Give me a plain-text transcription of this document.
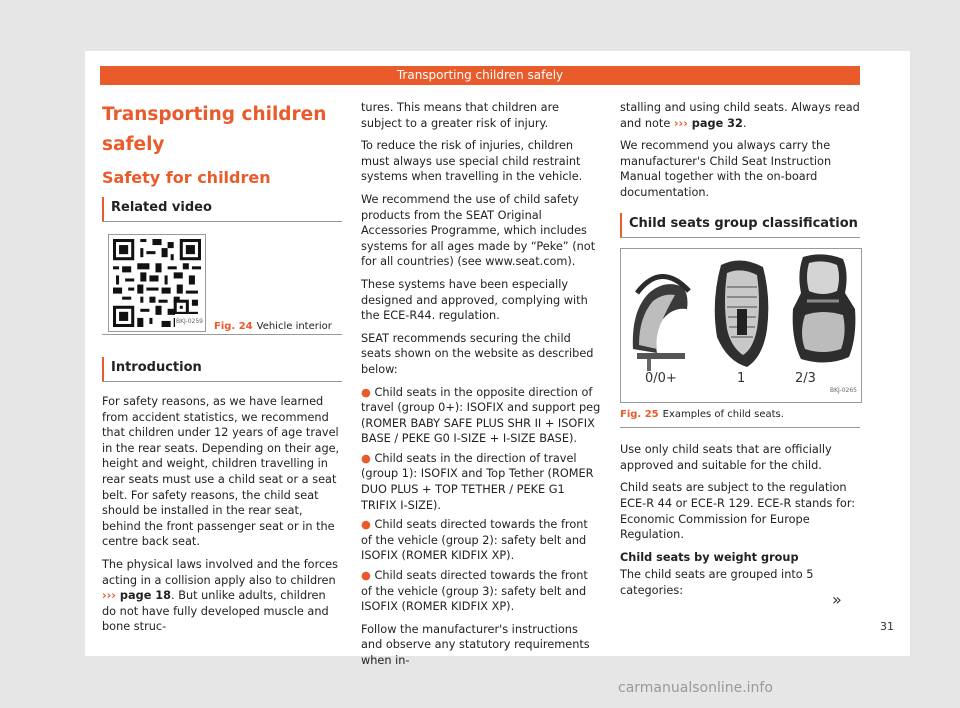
Transporting children safely
Transporting children safely
Safety for children
Related video
BKJ-0259 Fig. 24 Vehicle interior
Introduction

For safety reasons, as we have learned from accident statistics, we recommend that children under 12 years of age travel in the rear seats. Depending on their age, height and weight, children travelling in rear seats must use a child seat or a seat belt. For safety reasons, the child seat should be installed in the rear seat, behind the front passenger seat or in the centre back seat.

The physical laws involved and the forces acting in a collision apply also to children ››› page 18. But unlike adults, children do not have fully developed muscle and bone struc-

tures. This means that children are subject to a greater risk of injury.

To reduce the risk of injuries, children must always use special child restraint systems when travelling in the vehicle.

We recommend the use of child safety products from the SEAT Original Accessories Programme, which includes systems for all ages made by “Peke” (not for all countries) (see www.seat.com).

These systems have been especially designed and approved, complying with the ECE-R44. regulation.

SEAT recommends securing the child seats shown on the website as described below:

● Child seats in the opposite direction of travel (group 0+): ISOFIX and support peg (ROMER BABY SAFE PLUS SHR II + ISOFIX BASE / PEKE G0 I-SIZE + I-SIZE BASE).
● Child seats in the direction of travel (group 1): ISOFIX and Top Tether (ROMER DUO PLUS + TOP TETHER / PEKE G1 TRIFIX I-SIZE).
● Child seats directed towards the front of the vehicle (group 2): safety belt and ISOFIX (ROMER KIDFIX XP).
● Child seats directed towards the front of the vehicle (group 3): safety belt and ISOFIX (ROMER KIDFIX XP).

Follow the manufacturer's instructions and observe any statutory requirements when in-

stalling and using child seats. Always read and note ››› page 32.

We recommend you always carry the manufacturer's Child Seat Instruction Manual together with the on-board documentation.

Child seats group classification
0/0+	1	2/3
BKJ-0265
Fig. 25 Examples of child seats.

Use only child seats that are officially approved and suitable for the child.

Child seats are subject to the regulation ECE-R 44 or ECE-R 129. ECE-R stands for: Economic Commission for Europe Regulation.

Child seats by weight group

The child seats are grouped into 5 categories:	»
31
carmanualsonline.info
